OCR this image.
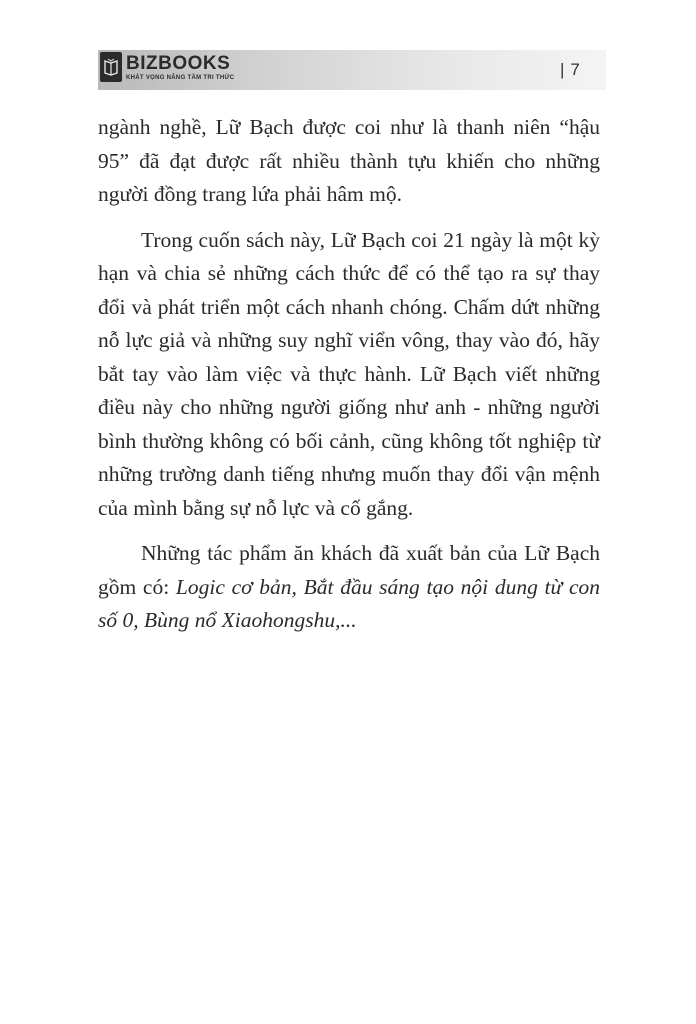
BIZBOOKS
KHÁT VỌNG NÂNG TẦM TRI THỨC	| 7

ngành nghề, Lữ Bạch được coi như là thanh niên “hậu 95” đã đạt được rất nhiều thành tựu khiến cho những người đồng trang lứa phải hâm mộ.

Trong cuốn sách này, Lữ Bạch coi 21 ngày là một kỳ hạn và chia sẻ những cách thức để có thể tạo ra sự thay đổi và phát triển một cách nhanh chóng. Chấm dứt những nỗ lực giả và những suy nghĩ viển vông, thay vào đó, hãy bắt tay vào làm việc và thực hành. Lữ Bạch viết những điều này cho những người giống như anh - những người bình thường không có bối cảnh, cũng không tốt nghiệp từ những trường danh tiếng nhưng muốn thay đổi vận mệnh của mình bằng sự nỗ lực và cố gắng.

Những tác phẩm ăn khách đã xuất bản của Lữ Bạch gồm có: Logic cơ bản, Bắt đầu sáng tạo nội dung từ con số 0, Bùng nổ Xiaohongshu,...
